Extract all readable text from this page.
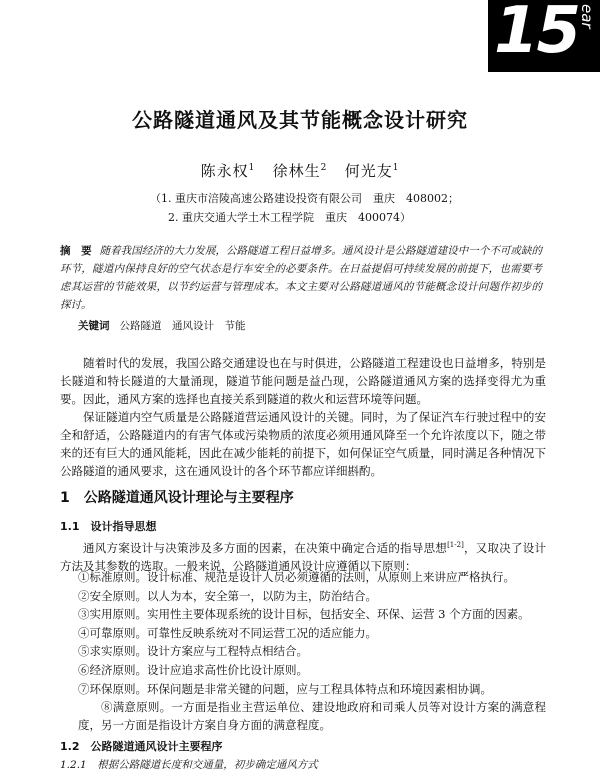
15
ear
公路隧道通风及其节能概念设计研究
陈永权$^1$ 徐林生$^2$ 何光友$^1$
（1. 重庆市涪陵高速公路建设投资有限公司　重庆　408002；
2. 重庆交通大学土木工程学院　重庆　400074）
摘　要 随着我国经济的大力发展，公路隧道工程日益增多。通风设计是公路隧道建设中一个不可或缺的环节，隧道内保持良好的空气状态是行车安全的必要条件。在日益提倡可持续发展的前提下，也需要考虑其运营的节能效果，以节约运营与管理成本。本文主要对公路隧道通风的节能概念设计问题作初步的探讨。
关键词 公路隧道　通风设计　节能

随着时代的发展，我国公路交通建设也在与时俱进，公路隧道工程建设也日益增多，特别是长隧道和特长隧道的大量涌现，隧道节能问题是益凸现，公路隧道通风方案的选择变得尤为重要。因此，通风方案的选择也直接关系到隧道的救火和运营环境等问题。

保证隧道内空气质量是公路隧道营运通风设计的关键。同时，为了保证汽车行驶过程中的安全和舒适，公路隧道内的有害气体或污染物质的浓度必须用通风降至一个允许浓度以下，随之带来的还有巨大的通风能耗，因此在减少能耗的前提下，如何保证空气质量，同时满足各种情况下公路隧道的通风要求，这在通风设计的各个环节都应详细斟酌。

1　公路隧道通风设计理论与主要程序
1.1　设计指导思想

通风方案设计与决策涉及多方面的因素，在决策中确定合适的指导思想[1-2]，又取决了设计方法及其参数的选取。一般来说，公路隧道通风设计应遵循以下原则：

①标准原则。设计标准、规范是设计人员必须遵循的法则，从原则上来讲应严格执行。
②安全原则。以人为本，安全第一，以防为主，防治结合。
③实用原则。实用性主要体现系统的设计目标，包括安全、环保、运营 3 个方面的因素。
④可靠原则。可靠性反映系统对不同运营工况的适应能力。
⑤求实原则。设计方案应与工程特点相结合。
⑥经济原则。设计应追求高性价比设计原则。
⑦环保原则。环保问题是非常关键的问题，应与工程具体特点和环境因素相协调。

⑧满意原则。一方面是指业主营运单位、建设地政府和司乘人员等对设计方案的满意程度，另一方面是指设计方案自身方面的满意程度。

1.2　公路隧道通风设计主要程序
1.2.1　根据公路隧道长度和交通量，初步确定通风方式
